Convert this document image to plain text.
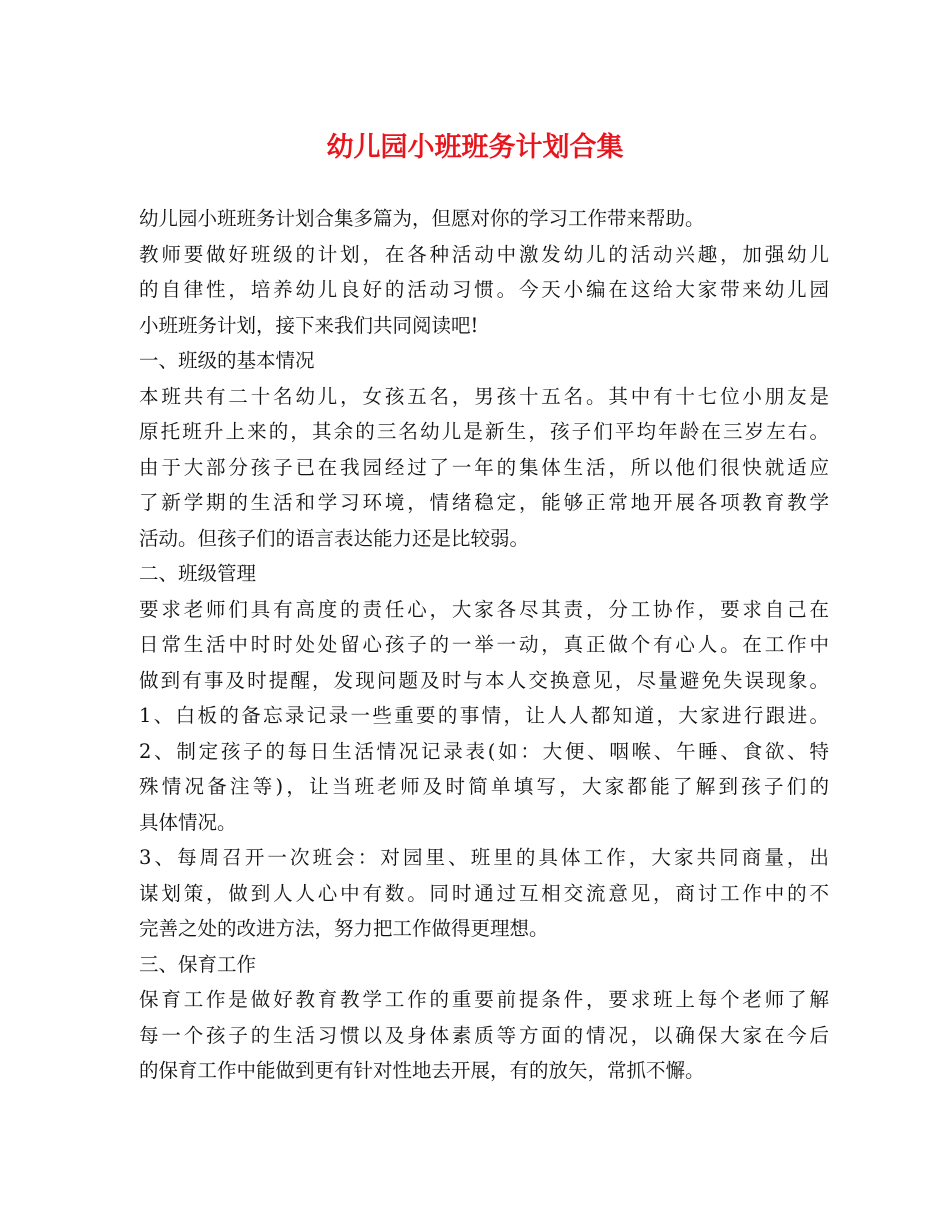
幼儿园小班班务计划合集
幼儿园小班班务计划合集多篇为，但愿对你的学习工作带来帮助。
教师要做好班级的计划，在各种活动中激发幼儿的活动兴趣，加强幼儿
的自律性，培养幼儿良好的活动习惯。今天小编在这给大家带来幼儿园
小班班务计划，接下来我们共同阅读吧!
一、班级的基本情况
本班共有二十名幼儿，女孩五名，男孩十五名。其中有十七位小朋友是
原托班升上来的，其余的三名幼儿是新生，孩子们平均年龄在三岁左右。
由于大部分孩子已在我园经过了一年的集体生活，所以他们很快就适应
了新学期的生活和学习环境，情绪稳定，能够正常地开展各项教育教学
活动。但孩子们的语言表达能力还是比较弱。
二、班级管理
要求老师们具有高度的责任心，大家各尽其责，分工协作，要求自己在
日常生活中时时处处留心孩子的一举一动，真正做个有心人。在工作中
做到有事及时提醒，发现问题及时与本人交换意见，尽量避免失误现象。
1、白板的备忘录记录一些重要的事情，让人人都知道，大家进行跟进。
2、制定孩子的每日生活情况记录表(如：大便、咽喉、午睡、食欲、特
殊情况备注等)，让当班老师及时简单填写，大家都能了解到孩子们的
具体情况。
3、每周召开一次班会：对园里、班里的具体工作，大家共同商量，出
谋划策，做到人人心中有数。同时通过互相交流意见，商讨工作中的不
完善之处的改进方法，努力把工作做得更理想。
三、保育工作
保育工作是做好教育教学工作的重要前提条件，要求班上每个老师了解
每一个孩子的生活习惯以及身体素质等方面的情况，以确保大家在今后
的保育工作中能做到更有针对性地去开展，有的放矢，常抓不懈。
